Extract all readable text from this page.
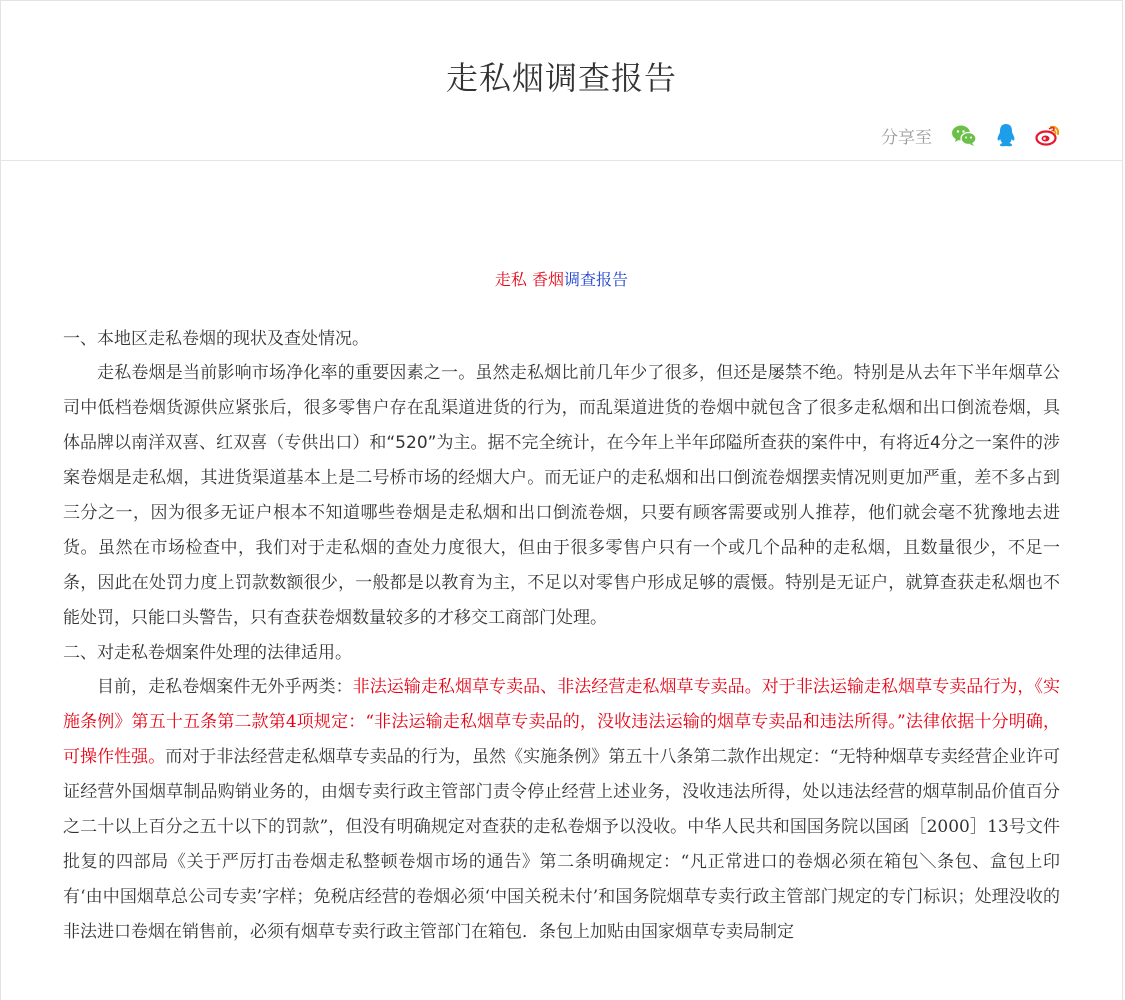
走私烟调查报告
分享至
走私 香烟调查报告

一、本地区走私卷烟的现状及查处情况。

走私卷烟是当前影响市场净化率的重要因素之一。虽然走私烟比前几年少了很多，但还是屡禁不绝。特别是从去年下半年烟草公司中低档卷烟货源供应紧张后，很多零售户存在乱渠道进货的行为，而乱渠道进货的卷烟中就包含了很多走私烟和出口倒流卷烟，具体品牌以南洋双喜、红双喜（专供出口）和“520”为主。据不完全统计，在今年上半年邱隘所查获的案件中，有将近4分之一案件的涉案卷烟是走私烟，其进货渠道基本上是二号桥市场的经烟大户。而无证户的走私烟和出口倒流卷烟摆卖情况则更加严重，差不多占到三分之一，因为很多无证户根本不知道哪些卷烟是走私烟和出口倒流卷烟，只要有顾客需要或别人推荐，他们就会毫不犹豫地去进货。虽然在市场检查中，我们对于走私烟的查处力度很大，但由于很多零售户只有一个或几个品种的走私烟，且数量很少，不足一条，因此在处罚力度上罚款数额很少，一般都是以教育为主，不足以对零售户形成足够的震慑。特别是无证户，就算查获走私烟也不能处罚，只能口头警告，只有查获卷烟数量较多的才移交工商部门处理。

二、对走私卷烟案件处理的法律适用。

目前，走私卷烟案件无外乎两类：非法运输走私烟草专卖品、非法经营走私烟草专卖品。对于非法运输走私烟草专卖品行为，《实施条例》第五十五条第二款第4项规定：“非法运输走私烟草专卖品的，没收违法运输的烟草专卖品和违法所得。”法律依据十分明确，可操作性强。而对于非法经营走私烟草专卖品的行为，虽然《实施条例》第五十八条第二款作出规定：“无特种烟草专卖经营企业许可证经营外国烟草制品购销业务的，由烟专卖行政主管部门责令停止经营上述业务，没收违法所得，处以违法经营的烟草制品价值百分之二十以上百分之五十以下的罚款”，但没有明确规定对查获的走私卷烟予以没收。中华人民共和国国务院以国函［2000］13号文件批复的四部局《关于严厉打击卷烟走私整顿卷烟市场的通告》第二条明确规定：“凡正常进口的卷烟必须在箱包＼条包、盒包上印有‘由中国烟草总公司专卖’字样；免税店经营的卷烟必须‘中国关税未付’和国务院烟草专卖行政主管部门规定的专门标识；处理没收的非法进口卷烟在销售前，必须有烟草专卖行政主管部门在箱包．条包上加贴由国家烟草专卖局制定
